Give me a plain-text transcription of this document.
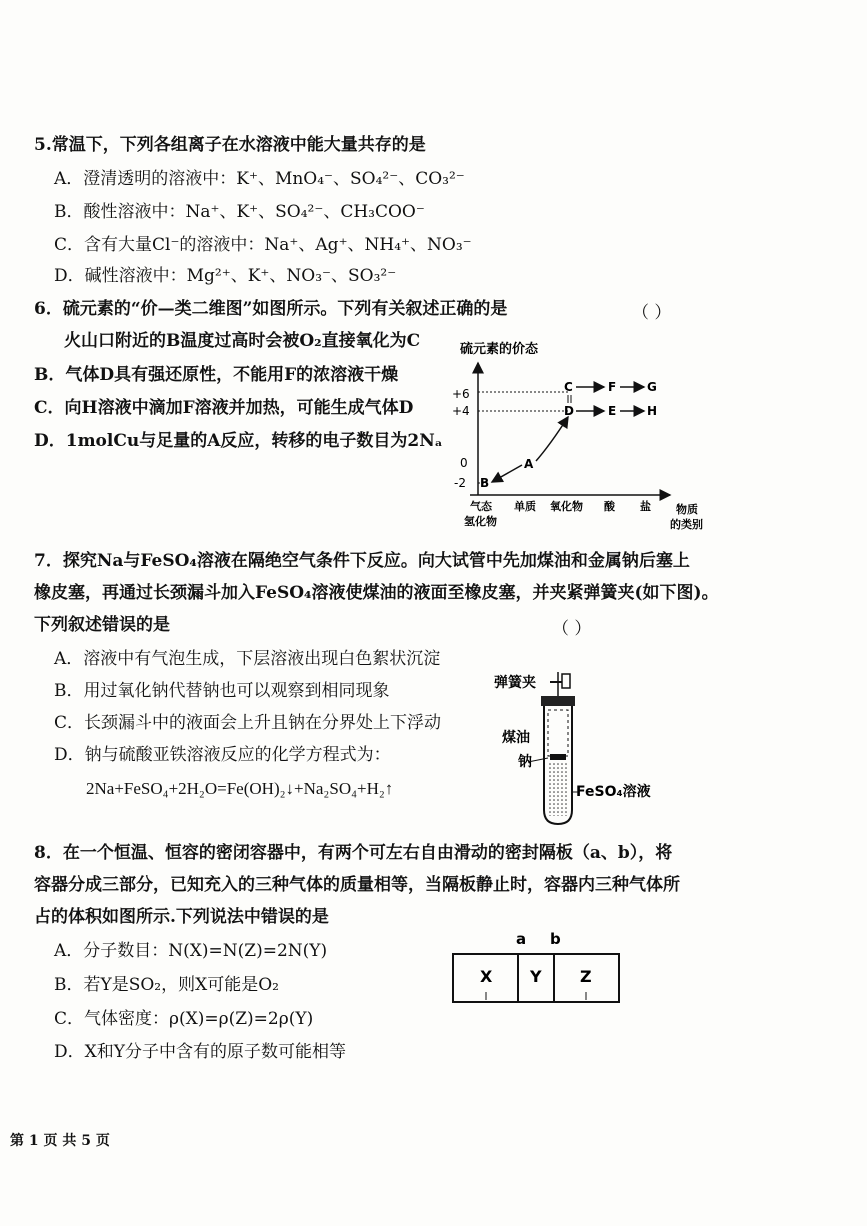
5.常温下，下列各组离子在水溶液中能大量共存的是
A．澄清透明的溶液中：K⁺、MnO₄⁻、SO₄²⁻、CO₃²⁻
B．酸性溶液中：Na⁺、K⁺、SO₄²⁻、CH₃COO⁻
C．含有大量Cl⁻的溶液中：Na⁺、Ag⁺、NH₄⁺、NO₃⁻
D．碱性溶液中：Mg²⁺、K⁺、NO₃⁻、SO₃²⁻
6．硫元素的“价—类二维图”如图所示。下列有关叙述正确的是	（ ）
火山口附近的B温度过高时会被O₂直接氧化为C
B．气体D具有强还原性，不能用F的浓溶液干燥
C．向H溶液中滴加F溶液并加热，可能生成气体D
D．1molCu与足量的A反应，转移的电子数目为2Nₐ
硫元素的价态
+6
+4
0
-2 B
A
C
D
F	G
E	H
气态
氢化物
单质 氧化物 酸 盐 物质
的类别
7．探究Na与FeSO₄溶液在隔绝空气条件下反应。向大试管中先加煤油和金属钠后塞上
橡皮塞，再通过长颈漏斗加入FeSO₄溶液使煤油的液面至橡皮塞，并夹紧弹簧夹(如下图)。
下列叙述错误的是	（ ）
A．溶液中有气泡生成，下层溶液出现白色絮状沉淀
B．用过氧化钠代替钠也可以观察到相同现象
C．长颈漏斗中的液面会上升且钠在分界处上下浮动
D．钠与硫酸亚铁溶液反应的化学方程式为：
2Na+FeSO₄+2H₂O=Fe(OH)₂↓+Na₂SO₄+H₂↑
弹簧夹
煤油
钠
FeSO₄溶液
8．在一个恒温、恒容的密闭容器中，有两个可左右自由滑动的密封隔板（a、b），将
容器分成三部分，已知充入的三种气体的质量相等，当隔板静止时，容器内三种气体所
占的体积如图所示.下列说法中错误的是
A．分子数目：N(X)=N(Z)=2N(Y)
B．若Y是SO₂，则X可能是O₂
C．气体密度：ρ(X)=ρ(Z)=2ρ(Y)
D．X和Y分子中含有的原子数可能相等
a b
X Y Z
第 1 页 共 5 页
